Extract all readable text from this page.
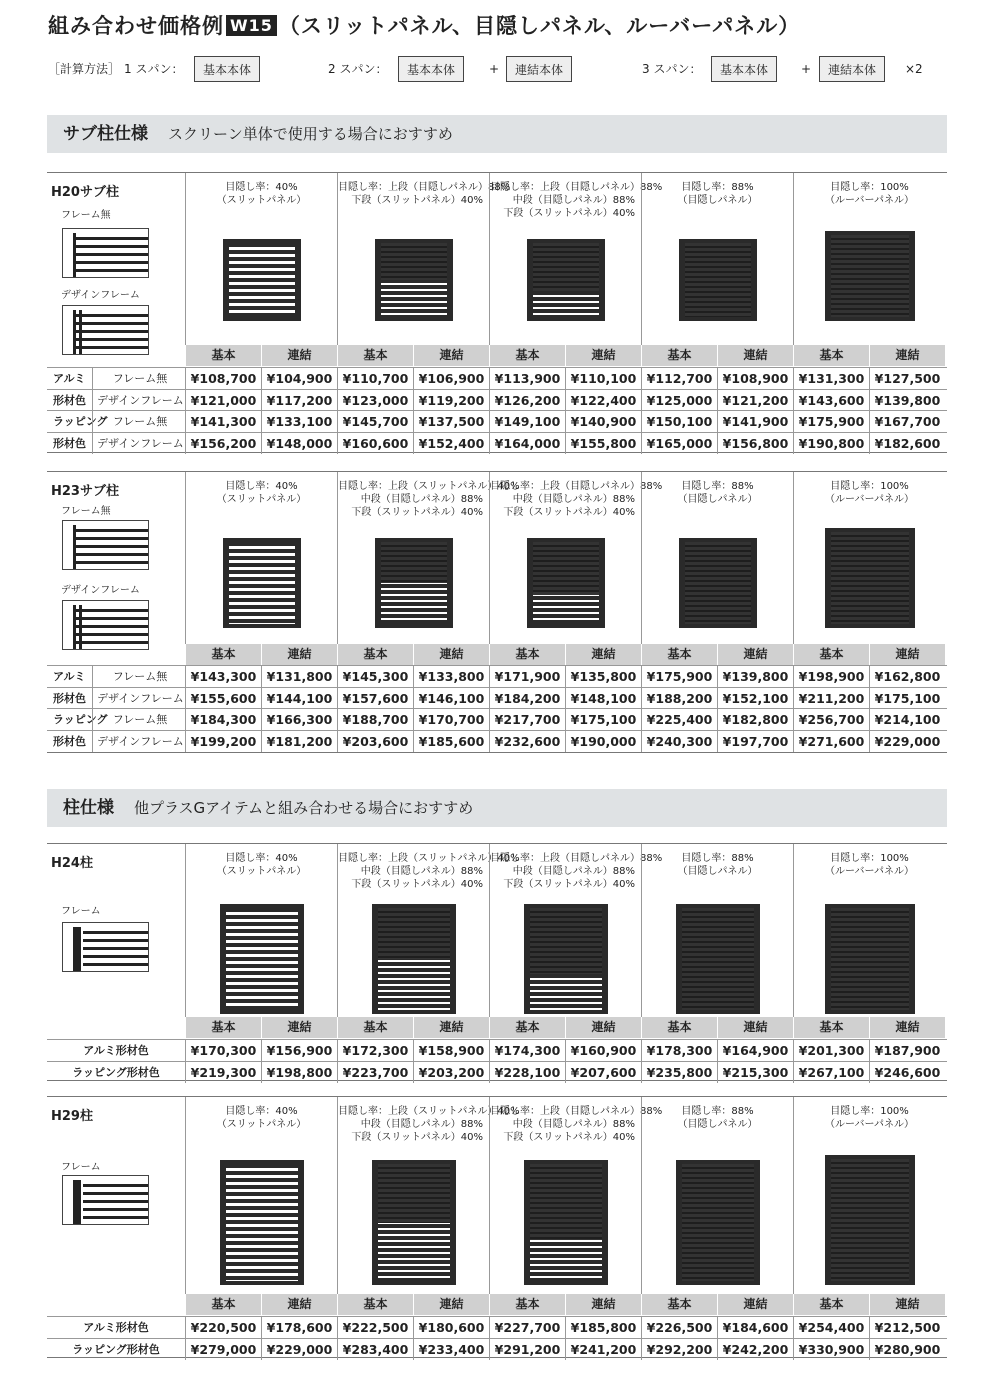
組み合わせ価格例 W15 （スリットパネル、目隠しパネル、ルーバーパネル）
［計算方法］ 1 スパン：	基本本体	2 スパン：	基本本体	+	連結本体	3 スパン：	基本本体	+	連結本体	×2
サブ柱仕様 スクリーン単体で使用する場合におすすめ
柱仕様 他プラスGアイテムと組み合わせる場合におすすめ
H20サブ柱
フレーム無
デザインフレーム
目隠し率：40%
（スリットパネル）
目隠し率：上段（目隠しパネル）88%
下段（スリットパネル）40%
目隠し率：上段（目隠しパネル）88%
中段（目隠しパネル）88%
下段（スリットパネル）40%
目隠し率：88%
（目隠しパネル）
目隠し率：100%
（ルーバーパネル）
基本	連結	基本	連結	基本	連結	基本	連結	基本	連結
アルミ	フレーム無	¥108,700 ¥104,900 ¥110,700 ¥106,900 ¥113,900 ¥110,100 ¥112,700 ¥108,900 ¥131,300 ¥127,500
形材色 デザインフレーム ¥121,000 ¥117,200 ¥123,000 ¥119,200 ¥126,200 ¥122,400 ¥125,000 ¥121,200 ¥143,600 ¥139,800
ラッピング フレーム無	¥141,300 ¥133,100 ¥145,700 ¥137,500 ¥149,100 ¥140,900 ¥150,100 ¥141,900 ¥175,900 ¥167,700
形材色 デザインフレーム ¥156,200 ¥148,000 ¥160,600 ¥152,400 ¥164,000 ¥155,800 ¥165,000 ¥156,800 ¥190,800 ¥182,600
H23サブ柱
フレーム無
デザインフレーム
目隠し率：40%
（スリットパネル）
目隠し率：上段（スリットパネル）40%
中段（目隠しパネル）88%
下段（スリットパネル）40%
目隠し率：上段（目隠しパネル）88%
中段（目隠しパネル）88%
下段（スリットパネル）40%
目隠し率：88%
（目隠しパネル）
目隠し率：100%
（ルーバーパネル）
基本	連結	基本	連結	基本	連結	基本	連結	基本	連結
アルミ	フレーム無	¥143,300 ¥131,800 ¥145,300 ¥133,800 ¥171,900 ¥135,800 ¥175,900 ¥139,800 ¥198,900 ¥162,800
形材色 デザインフレーム ¥155,600 ¥144,100 ¥157,600 ¥146,100 ¥184,200 ¥148,100 ¥188,200 ¥152,100 ¥211,200 ¥175,100
ラッピング フレーム無	¥184,300 ¥166,300 ¥188,700 ¥170,700 ¥217,700 ¥175,100 ¥225,400 ¥182,800 ¥256,700 ¥214,100
形材色 デザインフレーム ¥199,200 ¥181,200 ¥203,600 ¥185,600 ¥232,600 ¥190,000 ¥240,300 ¥197,700 ¥271,600 ¥229,000
H24柱
フレーム
目隠し率：40%
（スリットパネル）
目隠し率：上段（スリットパネル）40%
中段（目隠しパネル）88%
下段（スリットパネル）40%
目隠し率：上段（目隠しパネル）88%
中段（目隠しパネル）88%
下段（スリットパネル）40%
目隠し率：88%
（目隠しパネル）
目隠し率：100%
（ルーバーパネル）
基本	連結	基本	連結	基本	連結	基本	連結	基本	連結
アルミ形材色	¥170,300 ¥156,900 ¥172,300 ¥158,900 ¥174,300 ¥160,900 ¥178,300 ¥164,900 ¥201,300 ¥187,900
ラッピング形材色	¥219,300 ¥198,800 ¥223,700 ¥203,200 ¥228,100 ¥207,600 ¥235,800 ¥215,300 ¥267,100 ¥246,600
H29柱
フレーム
目隠し率：40%
（スリットパネル）
目隠し率：上段（スリットパネル）40%
中段（目隠しパネル）88%
下段（スリットパネル）40%
目隠し率：上段（目隠しパネル）88%
中段（目隠しパネル）88%
下段（スリットパネル）40%
目隠し率：88%
（目隠しパネル）
目隠し率：100%
（ルーバーパネル）
基本	連結	基本	連結	基本	連結	基本	連結	基本	連結
アルミ形材色	¥220,500 ¥178,600 ¥222,500 ¥180,600 ¥227,700 ¥185,800 ¥226,500 ¥184,600 ¥254,400 ¥212,500
ラッピング形材色	¥279,000 ¥229,000 ¥283,400 ¥233,400 ¥291,200 ¥241,200 ¥292,200 ¥242,200 ¥330,900 ¥280,900
